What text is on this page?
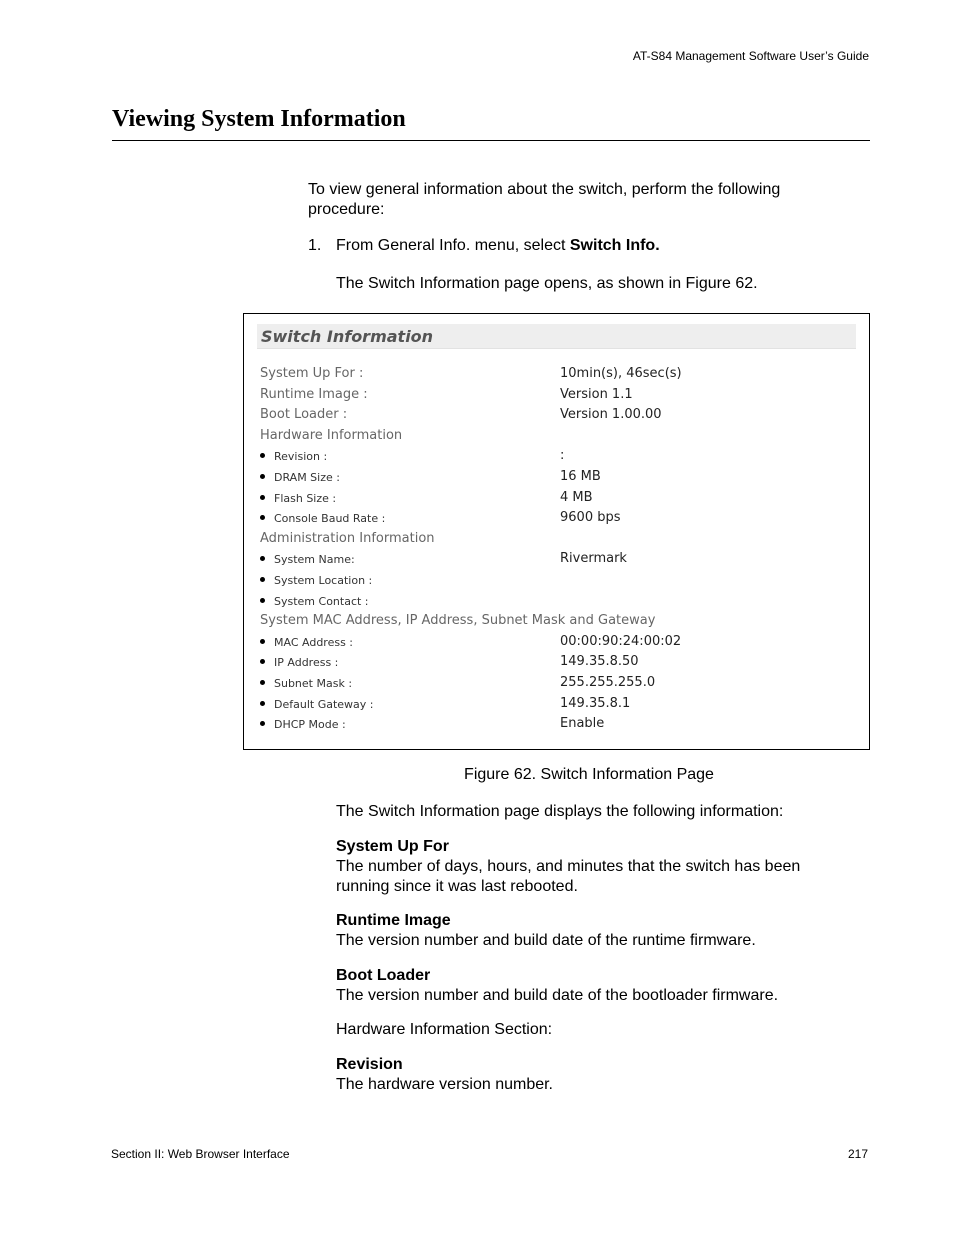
AT-S84 Management Software User’s Guide
Viewing System Information
To view general information about the switch, perform the following procedure:
1. From General Info. menu, select Switch Info.
The Switch Information page opens, as shown in Figure 62.
Switch Information
System Up For :	10min(s), 46sec(s)
Runtime Image :	Version 1.1
Boot Loader :	Version 1.00.00
Hardware Information
Revision :	:
DRAM Size :	16 MB
Flash Size :	4 MB
Console Baud Rate :	9600 bps
Administration Information
System Name:	Rivermark
System Location :
System Contact :
System MAC Address, IP Address, Subnet Mask and Gateway
MAC Address :	00:00:90:24:00:02
IP Address :	149.35.8.50
Subnet Mask :	255.255.255.0
Default Gateway :	149.35.8.1
DHCP Mode :	Enable
Figure 62. Switch Information Page
The Switch Information page displays the following information:
System Up For
The number of days, hours, and minutes that the switch has been running since it was last rebooted.
Runtime Image
The version number and build date of the runtime firmware.
Boot Loader
The version number and build date of the bootloader firmware.
Hardware Information Section:
Revision
The hardware version number.
Section II: Web Browser Interface	217
